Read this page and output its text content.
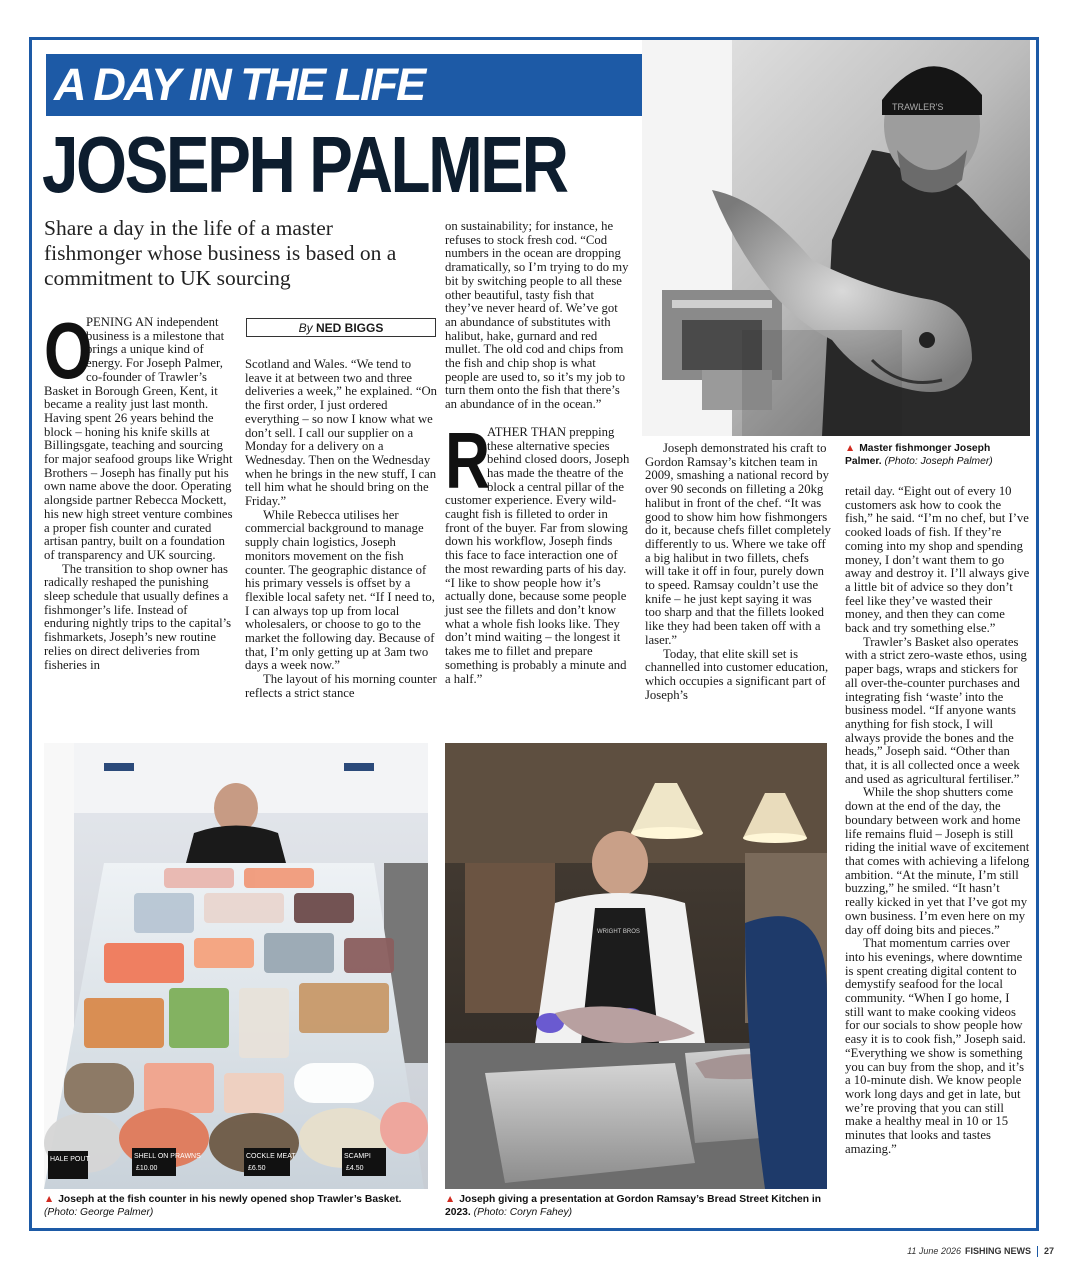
A DAY IN THE LIFE
JOSEPH PALMER
Share a day in the life of a master fishmonger whose business is based on a commitment to UK sourcing
TRAWLER'S
▲ Master fishmonger Joseph Palmer. (Photo: Joseph Palmer)

O
PENING AN independent business is a milestone that brings a unique kind of energy. For Joseph Palmer, co-founder of Trawler’s Basket in Borough Green, Kent, it became a reality just last month. Having spent 26 years behind the block – honing his knife skills at Billingsgate, teaching and sourcing for major seafood groups like Wright Brothers – Joseph has finally put his own name above the door. Operating alongside partner Rebecca Mockett, his new high street venture combines a proper fish counter and curated artisan pantry, built on a foundation of transparency and UK sourcing.

The transition to shop owner has radically reshaped the punishing sleep schedule that usually defines a fishmonger’s life. Instead of enduring nightly trips to the capital’s fishmarkets, Joseph’s new routine relies on direct deliveries from fisheries in

By NED BIGGS

Scotland and Wales. “We tend to leave it at between two and three deliveries a week,” he explained. “On the first order, I just ordered everything – so now I know what we don’t sell. I call our supplier on a Monday for a delivery on a Wednesday. Then on the Wednesday when he brings in the new stuff, I can tell him what he should bring on the Friday.”

While Rebecca utilises her commercial background to manage supply chain logistics, Joseph monitors movement on the fish counter. The geographic distance of his primary vessels is offset by a flexible local safety net. “If I need to, I can always top up from local wholesalers, or choose to go to the market the following day. Because of that, I’m only getting up at 3am two days a week now.”

The layout of his morning counter reflects a strict stance

on sustainability; for instance, he refuses to stock fresh cod. “Cod numbers in the ocean are dropping dramatically, so I’m trying to do my bit by switching people to all these other beautiful, tasty fish that they’ve never heard of. We’ve got an abundance of substitutes with halibut, hake, gurnard and red mullet. The old cod and chips from the fish and chip shop is what people are used to, so it’s my job to turn them onto the fish that there’s an abundance of in the ocean.”

R
ATHER THAN prepping these alternative species behind closed doors, Joseph has made the theatre of the block a central pillar of the customer experience. Every wild-caught fish is filleted to order in front of the buyer. Far from slowing down his workflow, Joseph finds this face to face interaction one of the most rewarding parts of his day. “I like to show people how it’s actually done, because some people just see the fillets and don’t know what a whole fish looks like. They don’t mind waiting – the longest it takes me to fillet and prepare something is probably a minute and a half.”

Joseph demonstrated his craft to Gordon Ramsay’s kitchen team in 2009, smashing a national record by over 90 seconds on filleting a 20kg halibut in front of the chef. “It was good to show him how fishmongers do it, because chefs fillet completely differently to us. Where we take off a big halibut in two fillets, chefs will take it off in four, purely down to speed. Ramsay couldn’t use the knife – he just kept saying it was too sharp and that the fillets looked like they had been taken off with a laser.”

Today, that elite skill set is channelled into customer education, which occupies a significant part of Joseph’s

retail day. “Eight out of every 10 customers ask how to cook the fish,” he said. “I’m no chef, but I’ve cooked loads of fish. If they’re coming into my shop and spending money, I don’t want them to go away and destroy it. I’ll always give a little bit of advice so they don’t feel like they’ve wasted their money, and then they can come back and try something else.”

Trawler’s Basket also operates with a strict zero-waste ethos, using paper bags, wraps and stickers for all over-the-counter purchases and integrating fish ‘waste’ into the business model. “If anyone wants anything for fish stock, I will always provide the bones and the heads,” Joseph said. “Other than that, it is all collected once a week and used as agricultural fertiliser.”

While the shop shutters come down at the end of the day, the boundary between work and home life remains fluid – Joseph is still riding the initial wave of excitement that comes with achieving a lifelong ambition. “At the minute, I’m still buzzing,” he smiled. “It hasn’t really kicked in yet that I’ve got my own business. I’m even here on my day off doing bits and pieces.”

That momentum carries over into his evenings, where downtime is spent creating digital content to demystify seafood for the local community. “When I go home, I still want to make cooking videos for our socials to show people how easy it is to cook fish,” Joseph said. “Everything we show is something you can buy from the shop, and it’s a 10-minute dish. We know people work long days and get in late, but we’re proving that you can still make a healthy meal in 10 or 15 minutes that looks and tastes amazing.”

HALE POUT	SHELL ON PRAWNS
£10.00
COCKLE MEAT
£6.50
SCAMPI
£4.50
▲ Joseph at the fish counter in his newly opened shop Trawler’s Basket. (Photo: George Palmer)
WRIGHT BROS
▲ Joseph giving a presentation at Gordon Ramsay’s Bread Street Kitchen in 2023. (Photo: Coryn Fahey)
11 June 2026 FISHING NEWS 27
